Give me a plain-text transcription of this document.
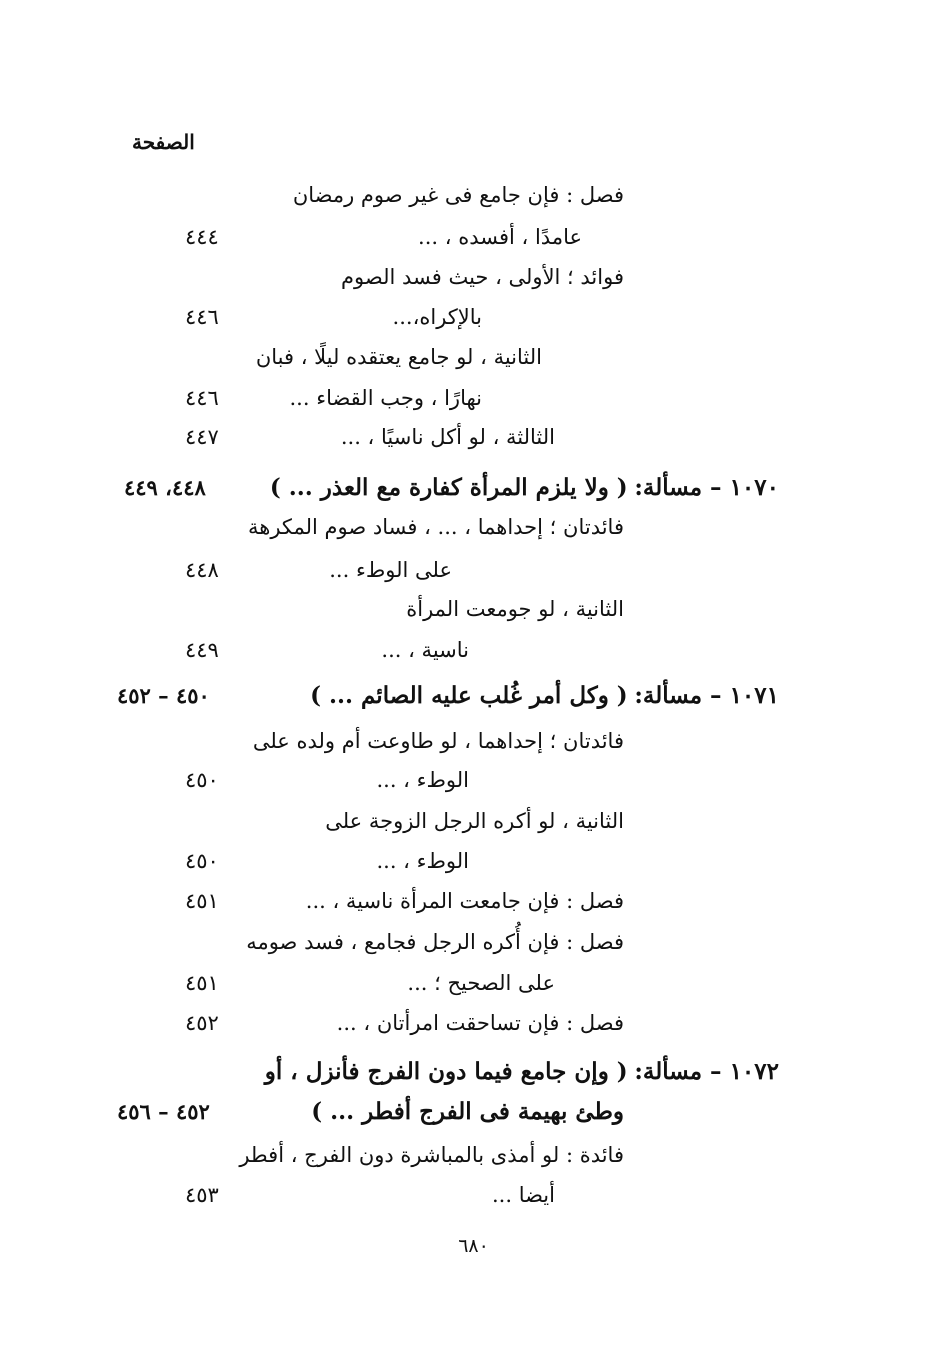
الصفحة
فصل : فإن جامع فى غير صوم رمضان
عامدًا ، أفسده ، ...
٤٤٤
فوائد ؛ الأولى ، حيث فسد الصوم
بالإكراه،...
٤٤٦
الثانية ، لو جامع يعتقده ليلًا ، فبان
نهارًا ، وجب القضاء ...
٤٤٦
الثالثة ، لو أكل ناسيًا ، ...
٤٤٧
١٠٧٠ – مسألة: ( ولا يلزم المرأة كفارة مع العذر ... )
٤٤٨، ٤٤٩
فائدتان ؛ إحداهما ، ... ، فساد صوم المكرهة
على الوطء ...
٤٤٨
الثانية ، لو جومعت المرأة
ناسية ، ...
٤٤٩
١٠٧١ – مسألة: ( وكل أمر غُلب عليه الصائم ... )
٤٥٠ – ٤٥٢
فائدتان ؛ إحداهما ، لو طاوعت أم ولده على
الوطء ، ...
٤٥٠
الثانية ، لو أكره الرجل الزوجة على
الوطء ، ...
٤٥٠
فصل : فإن جامعت المرأة ناسية ، ...
٤٥١
فصل : فإن أُكره الرجل فجامع ، فسد صومه
على الصحيح ؛ ...
٤٥١
فصل : فإن تساحقت امرأتان ، ...
٤٥٢
١٠٧٢ – مسألة: ( وإن جامع فيما دون الفرج فأنزل ، أو
وطئ بهيمة فى الفرج أفطر ... )
٤٥٢ – ٤٥٦
فائدة : لو أمذى بالمباشرة دون الفرج ، أفطر
أيضا ...
٤٥٣
٦٨٠
